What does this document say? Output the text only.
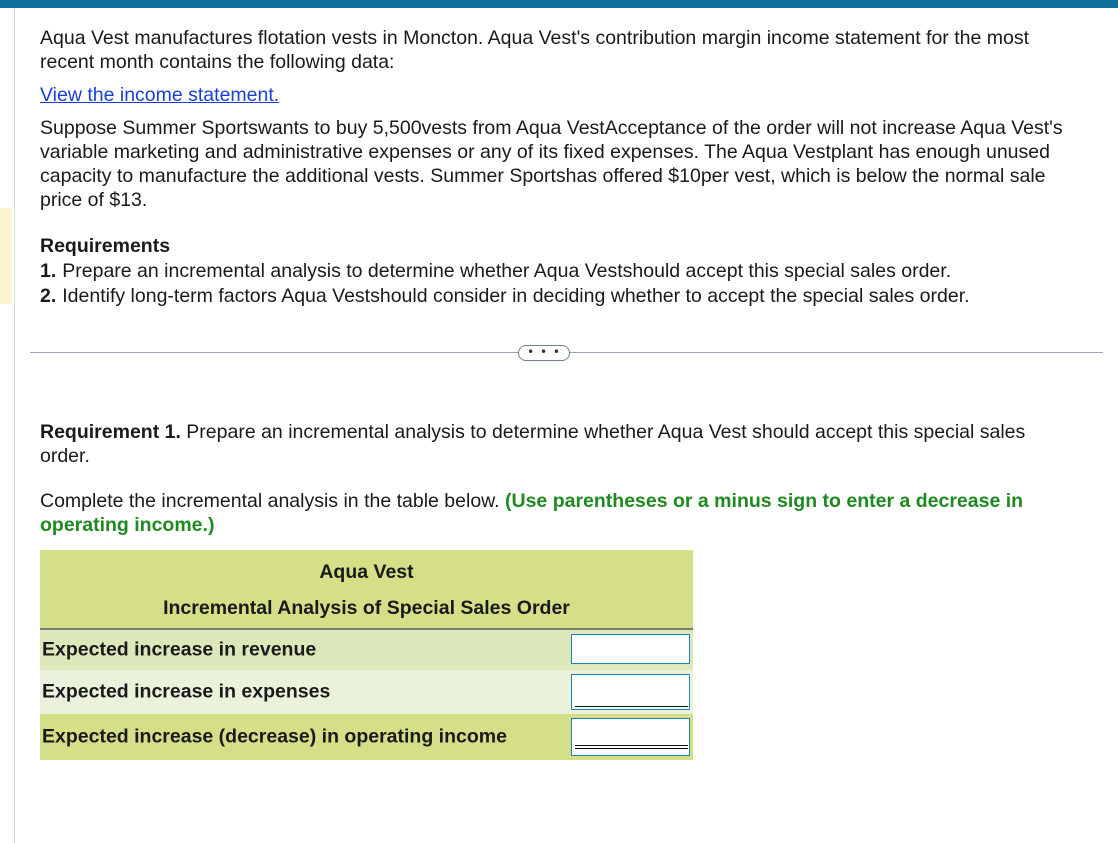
Aqua Vest manufactures flotation vests in Moncton. Aqua Vest's contribution margin income statement for the most

recent month contains the following data:

View the income statement.

Suppose Summer Sportswants to buy 5,500vests from Aqua VestAcceptance of the order will not increase Aqua Vest's

variable marketing and administrative expenses or any of its fixed expenses. The Aqua Vestplant has enough unused

capacity to manufacture the additional vests. Summer Sportshas offered $10per vest, which is below the normal sale

price of $13.

Requirements

1. Prepare an incremental analysis to determine whether Aqua Vestshould accept this special sales order.
2. Identify long-term factors Aqua Vestshould consider in deciding whether to accept the special sales order.
• • •

Requirement 1. Prepare an incremental analysis to determine whether Aqua Vest should accept this special sales

order.

Complete the incremental analysis in the table below. (Use parentheses or a minus sign to enter a decrease in

operating income.)

Aqua Vest
Incremental Analysis of Special Sales Order
Expected increase in revenue
Expected increase in expenses
Expected increase (decrease) in operating income
